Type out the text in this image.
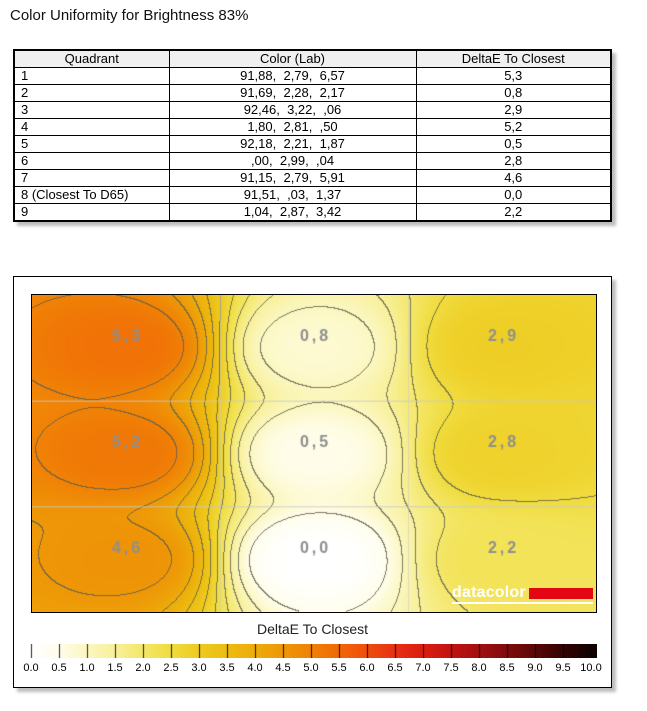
Color Uniformity for Brightness 83%
Quadrant	Color (Lab)	DeltaE To Closest
1	91,88,  2,79,  6,57	5,3
2	91,69,  2,28,  2,17	0,8
3	92,46,  3,22,  ,06	2,9
4	1,80,  2,81,  ,50	5,2
5	92,18,  2,21,  1,87	0,5
6	,00,  2,99,  ,04	2,8
7	91,15,  2,79,  5,91	4,6
8 (Closest To D65)	91,51,  ,03,  1,37	0,0
9	1,04,  2,87,  3,42	2,2
datacolor
DeltaE To Closest
0.0 0.5 1.0 1.5 2.0 2.5 3.0 3.5 4.0 4.5 5.0 5.5 6.0 6.5 7.0 7.5 8.0 8.5 9.0 9.5 10.0
